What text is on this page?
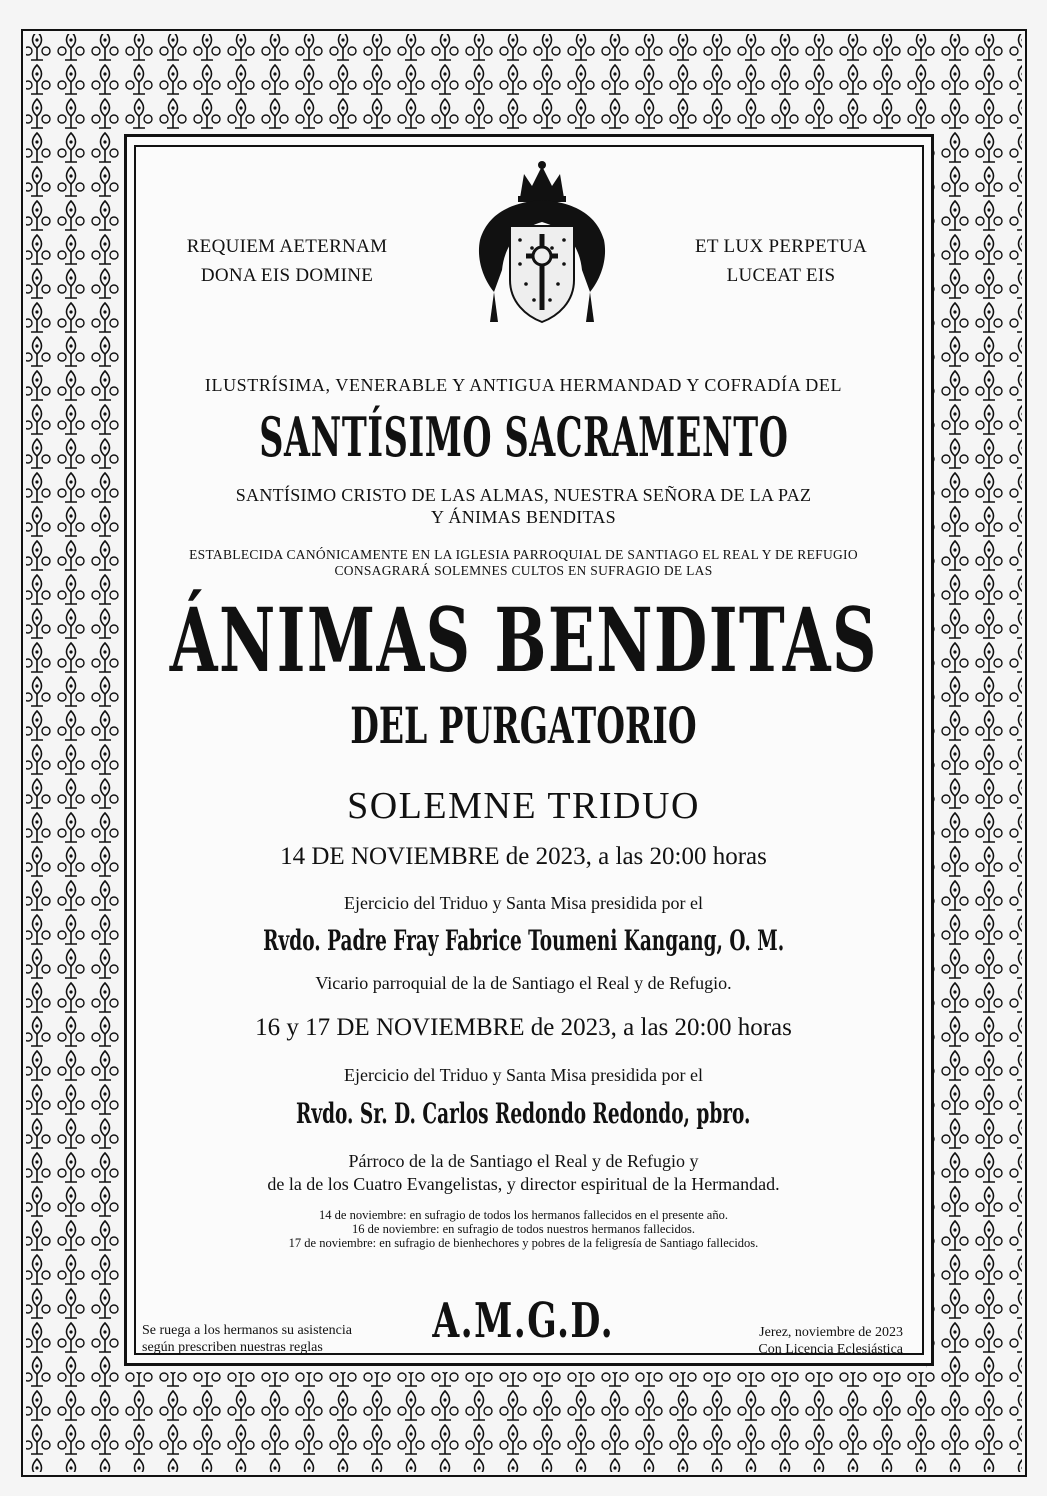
REQUIEM AETERNAM
DONA EIS DOMINE
ET LUX PERPETUA
LUCEAT EIS
ILUSTRÍSIMA, VENERABLE Y ANTIGUA HERMANDAD Y COFRADÍA DEL
SANTÍSIMO SACRAMENTO
SANTÍSIMO CRISTO DE LAS ALMAS, NUESTRA SEÑORA DE LA PAZ
Y ÁNIMAS BENDITAS
ESTABLECIDA CANÓNICAMENTE EN LA IGLESIA PARROQUIAL DE SANTIAGO EL REAL Y DE REFUGIO
CONSAGRARÁ SOLEMNES CULTOS EN SUFRAGIO DE LAS
ÁNIMAS BENDITAS
DEL PURGATORIO
SOLEMNE TRIDUO
14 DE NOVIEMBRE de 2023, a las 20:00 horas
Ejercicio del Triduo y Santa Misa presidida por el
Rvdo. Padre Fray Fabrice Toumeni Kangang, O. M.
Vicario parroquial de la de Santiago el Real y de Refugio.
16 y 17 DE NOVIEMBRE de 2023, a las 20:00 horas
Ejercicio del Triduo y Santa Misa presidida por el
Rvdo. Sr. D. Carlos Redondo Redondo, pbro.
Párroco de la de Santiago el Real y de Refugio y
de la de los Cuatro Evangelistas, y director espiritual de la Hermandad.
14 de noviembre: en sufragio de todos los hermanos fallecidos en el presente año.
16 de noviembre: en sufragio de todos nuestros hermanos fallecidos.
17 de noviembre: en sufragio de bienhechores y pobres de la feligresía de Santiago fallecidos.
A.M.G.D.
Se ruega a los hermanos su asistencia
según prescriben nuestras reglas
Jerez, noviembre de 2023
Con Licencia Eclesiástica
